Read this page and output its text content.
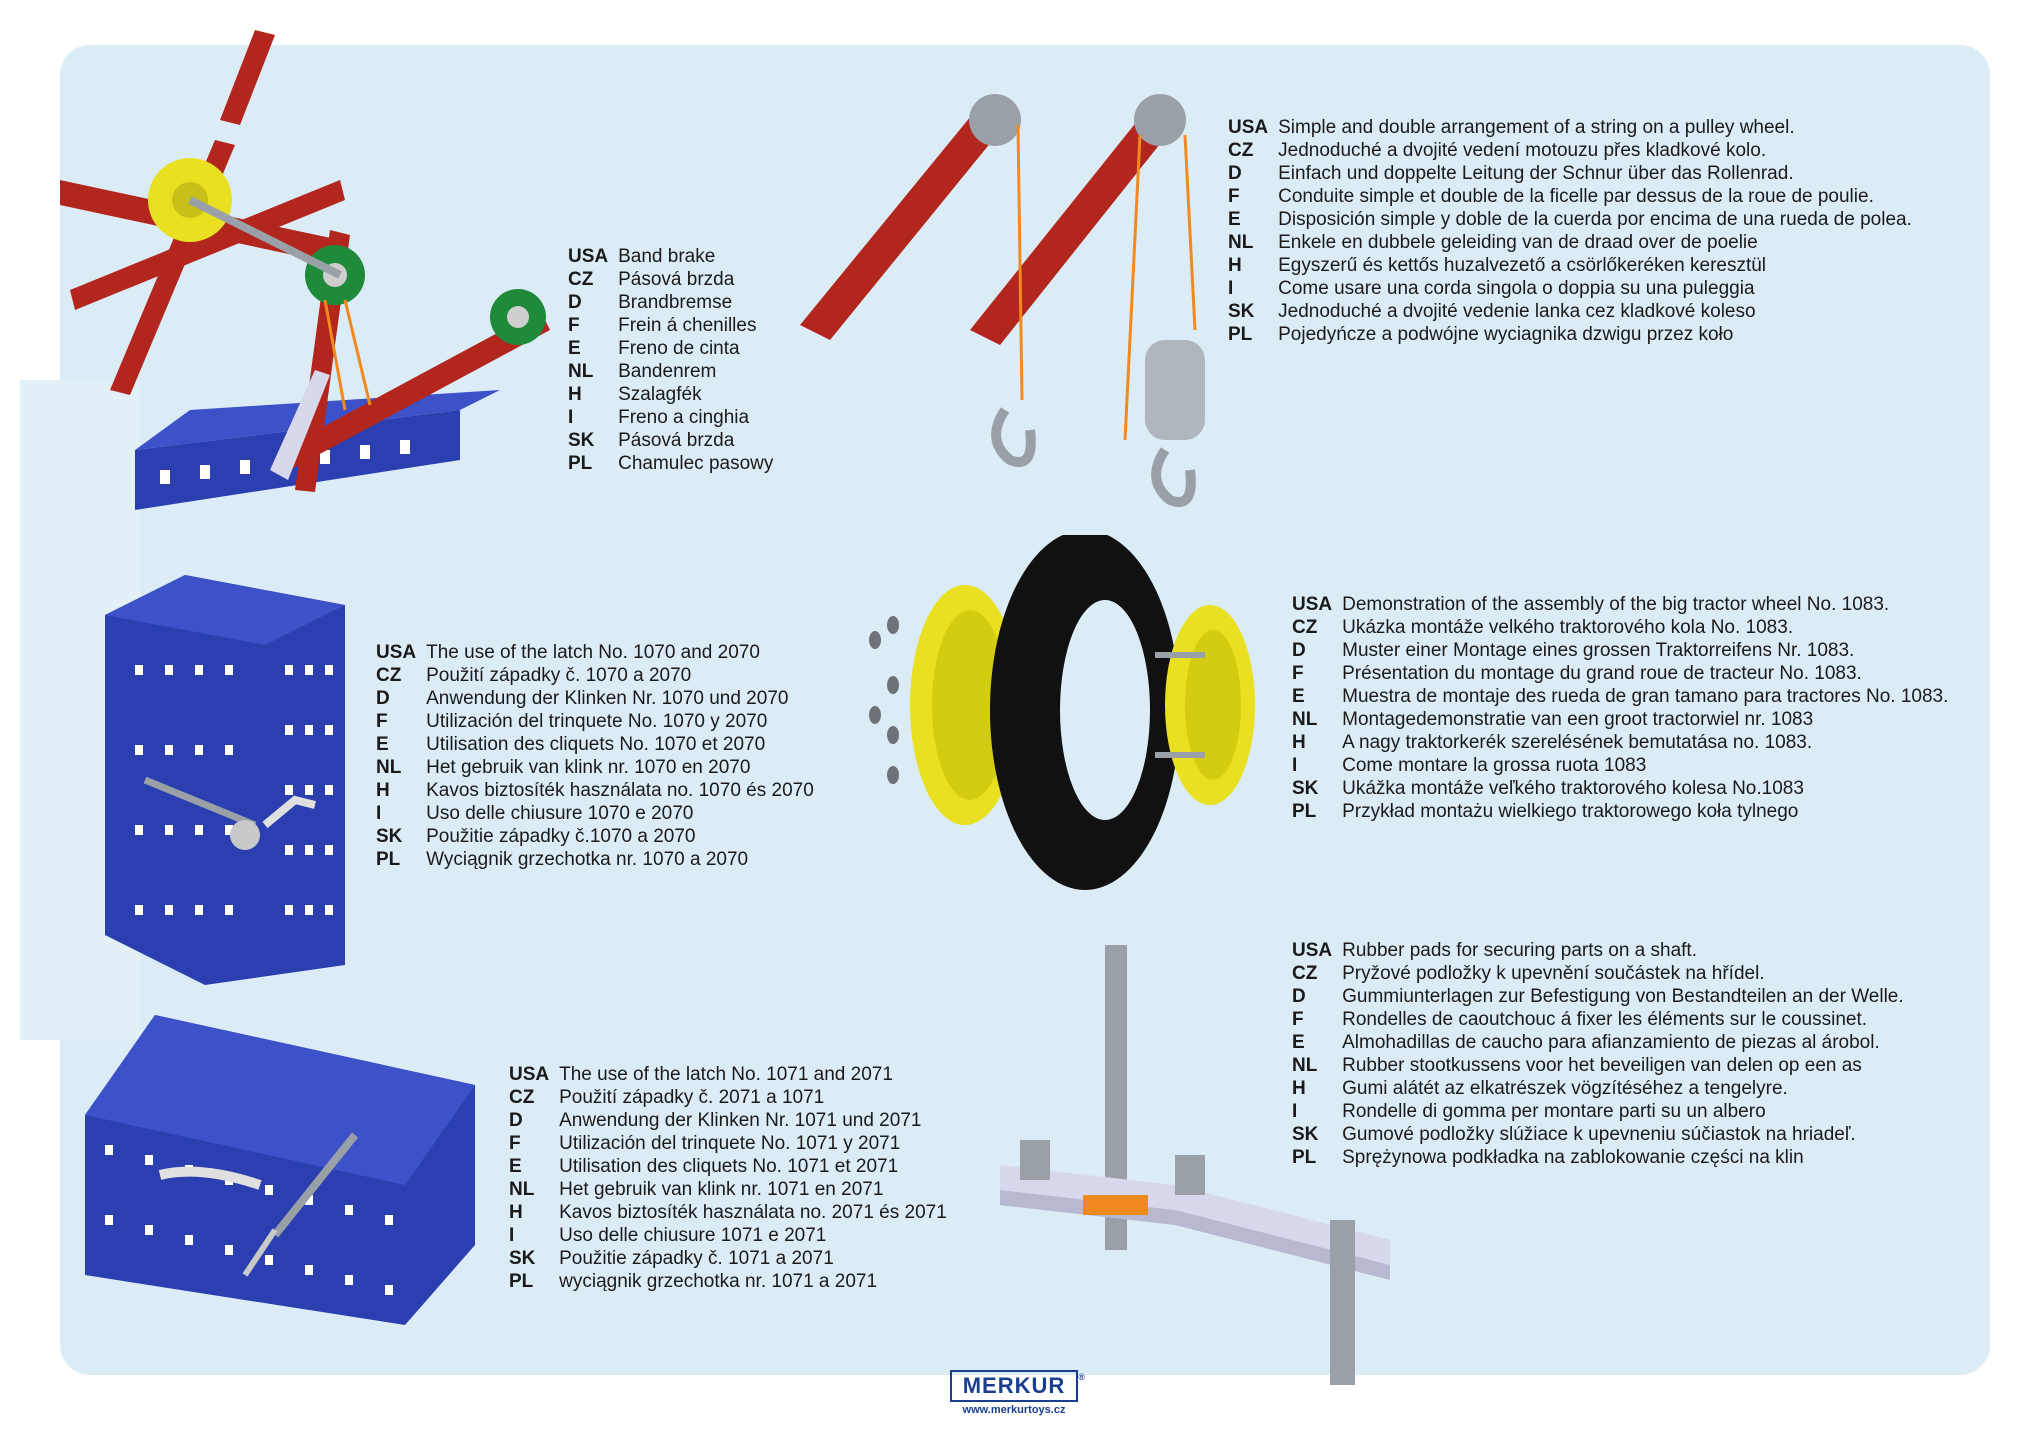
USA Band brake
CZ	Pásová brzda
D	Brandbremse
F	Frein á chenilles
E	Freno de cinta
NL	Bandenrem
H	Szalagfék
I	Freno a cinghia
SK	Pásová brzda
PL	Chamulec pasowy
USA Simple and double arrangement of a string on a pulley wheel.
CZ	Jednoduché a dvojité vedení motouzu přes kladkové kolo.
D	Einfach und doppelte Leitung der Schnur über das Rollenrad.
F	Conduite simple et double de la ficelle par dessus de la roue de poulie.
E	Disposición simple y doble de la cuerda por encima de una rueda de polea.
NL	Enkele en dubbele geleiding van de draad over de poelie
H	Egyszerű és kettős huzalvezető a csörlőkeréken keresztül
I	Come usare una corda singola o doppia su una puleggia
SK	Jednoduché a dvojité vedenie lanka cez kladkové koleso
PL	Pojedyńcze a podwójne wyciagnika dzwigu przez koło
USA The use of the latch No. 1070 and 2070
CZ	Použití západky č. 1070 a 2070
D	Anwendung der Klinken Nr. 1070 und 2070
F	Utilización del trinquete No. 1070 y 2070
E	Utilisation des cliquets No. 1070 et 2070
NL	Het gebruik van klink nr. 1070 en 2070
H	Kavos biztosíték használata no. 1070 és 2070
I	Uso delle chiusure 1070 e 2070
SK	Použitie západky č.1070 a 2070
PL	Wyciągnik grzechotka nr. 1070 a 2070
USA Demonstration of the assembly of the big tractor wheel No. 1083.
CZ	Ukázka montáže velkého traktorového kola No. 1083.
D	Muster einer Montage eines grossen Traktorreifens Nr. 1083.
F	Présentation du montage du grand roue de tracteur No. 1083.
E	Muestra de montaje des rueda de gran tamano para tractores No. 1083.
NL	Montagedemonstratie van een groot tractorwiel nr. 1083
H	A nagy traktorkerék szerelésének bemutatása no. 1083.
I	Come montare la grossa ruota 1083
SK	Ukážka montáže veľkého traktorového kolesa No.1083
PL	Przykład montażu wielkiego traktorowego koła tylnego
USA Rubber pads for securing parts on a shaft.
CZ	Pryžové podložky k upevnění součástek na hřídel.
D	Gummiunterlagen zur Befestigung von Bestandteilen an der Welle.
F	Rondelles de caoutchouc á fixer les éléments sur le coussinet.
E	Almohadillas de caucho para afianzamiento de piezas al árobol.
NL	Rubber stootkussens voor het beveiligen van delen op een as
H	Gumi alátét az elkatrészek vögzítéséhez a tengelyre.
I	Rondelle di gomma per montare parti su un albero
SK	Gumové podložky slúžiace k upevneniu súčiastok na hriadeľ.
PL	Sprężynowa podkładka na zablokowanie części na klin
USA The use of the latch No. 1071 and 2071
CZ	Použití západky č. 2071 a 1071
D	Anwendung der Klinken Nr. 1071 und 2071
F	Utilización del trinquete No. 1071 y 2071
E	Utilisation des cliquets No. 1071 et 2071
NL	Het gebruik van klink nr. 1071 en 2071
H	Kavos biztosíték használata no. 2071 és 2071
I	Uso delle chiusure 1071 e 2071
SK	Použitie západky č. 1071 a 2071
PL	wyciągnik grzechotka nr. 1071 a 2071
MERKUR ®
www.merkurtoys.cz
